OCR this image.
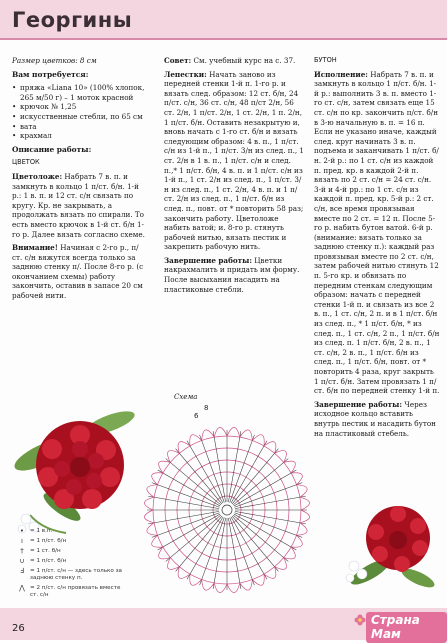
Георгины

Размер цветков: 8 см

Вам потребуется:

• пряжа «Liana 10» (100% хлопок, 265 м/50 г) – 1 моток красной
• крючок № 1,25
• искусственные стебли, по 65 см
• вата
• крахмал

Описание работы:

ЦВЕТОК

Цветоложе: Набрать 7 в. п. и замкнуть в кольцо 1 п/ст. б/н. 1-й р.: 1 в. п. и 12 ст. с/н связать по кругу. Кр. не закрывать, а продолжать вязать по спирали. То есть вместо крючок в 1-й ст. б/н 1-го р. Далее вязать согласно схеме.

Внимание! Начиная с 2-го р., п/ст. с/н вяжутся всегда только за заднюю стенку п/. После 8-го р. (с окончанием схемы) работу закончить, оставив в запасе 20 см рабочей нити.

Совет: См. учебный курс на с. 37.

Лепестки: Начать заново из передней стенки 1-й п. 1-го р. и вязать след. образом: 12 ст. б/н, 24 п/ст. с/н, 36 ст. с/н, 48 п/ст 2/н, 56 ст. 2/н, 1 п/ст. 2/н, 1 ст. 2/н, 1 п. 2/н, 1 п/ст. б/н. Оставить незакрытую и, вновь начать с 1-го ст. б/н и вязать следующим образом: 4 в. п., 1 п/ст. с/н из 1-й п., 1 п/ст. 3/н из след. п., 1 ст. 2/н в 1 в. п., 1 п/ст. с/н и след. п.,* 1 п/ст. б/н, 4 в. п. и 1 п/ст. с/н из 1-й п., 1 ст. 2/н из след. п., 1 п/ст. 3/н из след. п., 1 ст. 2/н, 4 в. п. и 1 п/ст. 2/н из след. п., 1 п/ст. б/н из след. п., повт. от * повторить 58 раз; закончить работу. Цветоложе набить ватой; и. 8-го р. стянуть рабочей нитью, вязать пестик и закрепить рабочую нить.

Завершение работы: Цветки накрахмалить и придать им форму. После высыхания насадить на пластиковые стебли.

БУТОН

Исполнение: Набрать 7 в. п. и замкнуть в кольцо 1 п/ст. б/н. 1-й р.: выполнить 3 в. п. вместо 1-го ст. с/н, затем связать еще 15 ст. с/н по кр. закончить п/ст. б/н в 3-ю начальную в. п. = 16 п. Если не указано иначе, каждый след. круг начинать 3 в. п. подъема и заканчивать 1 п/ст. б/н. 2-й р.: по 1 ст. с/н из каждой п. пред. кр. в каждой 2-й п. вязать по 2 ст. с/н = 24 ст. с/н. 3-й и 4-й рр.: по 1 ст. с/н из каждой п. пред. кр. 5-й р.: 2 ст. с/н, все время провязывая вместе по 2 ст. = 12 п. После 5-го р. набить бутон ватой. 6-й р. (внимание: вязать только за заднюю стенку п.): каждый раз провязывая вместе по 2 ст. с/н, затем рабочей нитью стянуть 12 п. 5-го кр. и обвязать по передним стенкам следующим образом: начать с передней стенки 1-й п. и связать из все 2 в. п., 1 ст. с/н, 2 п. и в 1 п/ст. б/н из след. п., * 1 п/ст. б/н, * из след. п., 1 ст. с/н, 2 п., 1 п/ст. б/н из след. п. 1 п/ст. б/н, 2 в. п., 1 ст. с/н, 2 в. п., 1 п/ст. б/н из след. п., 1 п/ст. б/н, повт. от * повторить 4 раза, круг закрыть 1 п/ст. б/н. Затем провязать 1 п/ст. б/н по передней стенку 1-й п.

Завершение работы: Через исходное кольцо вставить внутрь пестик и насадить бутон на пластиковый стебель.

Схема
8
6
•	= 1 в.п.
ı	= 1 п/ст. б/н
†	= 1 ст. б/н
∪ = 1 п/ст. б/н
Ⅎ	= 1 п/ст. с/н — здесь только за заднюю стенку п.
⋀ = 2 п/ст. с/н провязать вместе ст. с/н
26
Страна Мам
